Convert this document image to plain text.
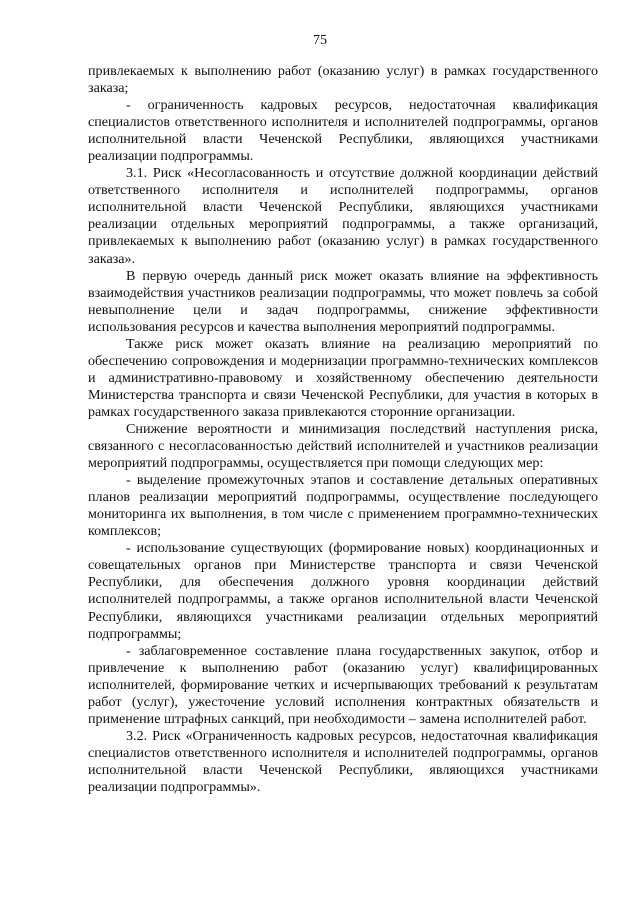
75

привлекаемых к выполнению работ (оказанию услуг) в рамках государственного заказа;

- ограниченность кадровых ресурсов, недостаточная квалификация специалистов ответственного исполнителя и исполнителей подпрограммы, органов исполнительной власти Чеченской Республики, являющихся участниками реализации подпрограммы.

3.1. Риск «Несогласованность и отсутствие должной координации действий ответственного исполнителя и исполнителей подпрограммы, органов исполнительной власти Чеченской Республики, являющихся участниками реализации отдельных мероприятий подпрограммы, а также организаций, привлекаемых к выполнению работ (оказанию услуг) в рамках государственного заказа».

В первую очередь данный риск может оказать влияние на эффективность взаимодействия участников реализации подпрограммы, что может повлечь за собой невыполнение цели и задач подпрограммы, снижение эффективности использования ресурсов и качества выполнения мероприятий подпрограммы.

Также риск может оказать влияние на реализацию мероприятий по обеспечению сопровождения и модернизации программно-технических комплексов и административно-правовому и хозяйственному обеспечению деятельности Министерства транспорта и связи Чеченской Республики, для участия в которых в рамках государственного заказа привлекаются сторонние организации.

Снижение вероятности и минимизация последствий наступления риска, связанного с несогласованностью действий исполнителей и участников реализации мероприятий подпрограммы, осуществляется при помощи следующих мер:

- выделение промежуточных этапов и составление детальных оперативных планов реализации мероприятий подпрограммы, осуществление последующего мониторинга их выполнения, в том числе с применением программно-технических комплексов;

- использование существующих (формирование новых) координационных и совещательных органов при Министерстве транспорта и связи Чеченской Республики, для обеспечения должного уровня координации действий исполнителей подпрограммы, а также органов исполнительной власти Чеченской Республики, являющихся участниками реализации отдельных мероприятий подпрограммы;

- заблаговременное составление плана государственных закупок, отбор и привлечение к выполнению работ (оказанию услуг) квалифицированных исполнителей, формирование четких и исчерпывающих требований к результатам работ (услуг), ужесточение условий исполнения контрактных обязательств и применение штрафных санкций, при необходимости – замена исполнителей работ.

3.2. Риск «Ограниченность кадровых ресурсов, недостаточная квалификация специалистов ответственного исполнителя и исполнителей подпрограммы, органов исполнительной власти Чеченской Республики, являющихся участниками реализации подпрограммы».
